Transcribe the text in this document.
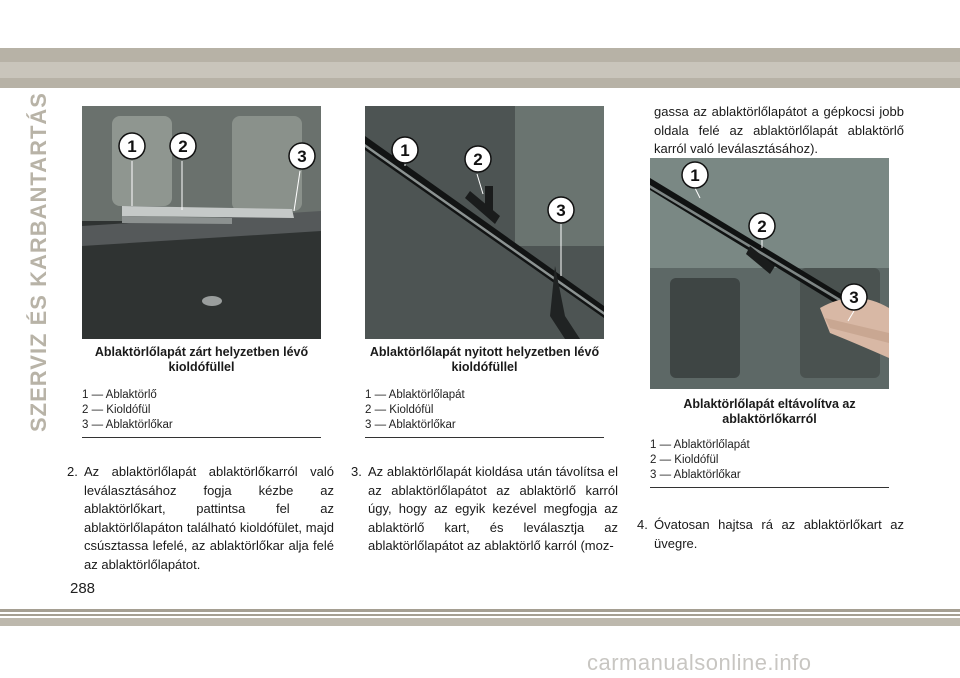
SZERVIZ ÉS KARBANTARTÁS	1 2
3
Ablaktörlőlapát zárt helyzetben lévő kioldófüllel
1 — Ablaktörlő
2 — Kioldófül
3 — Ablaktörlőkar
1	2
3
Ablaktörlőlapát nyitott helyzetben lévő kioldófüllel
1 — Ablaktörlőlapát
2 — Kioldófül
3 — Ablaktörlőkar
1
2
3
Ablaktörlőlapát eltávolítva az ablaktörlőkarról
1 — Ablaktörlőlapát
2 — Kioldófül
3 — Ablaktörlőkar
2. Az ablaktörlőlapát ablaktörlőkarról való leválasztásához fogja kézbe az ablaktörlőkart, pattintsa fel az ablaktörlőlapáton található kioldófület, majd csúsztassa lefelé, az ablaktörlőkar alja felé az ablaktörlőlapátot.
3. Az ablaktörlőlapát kioldása után távolítsa el az ablaktörlőlapátot az ablaktörlő karról úgy, hogy az egyik kezével megfogja az ablaktörlő kart, és leválasztja az ablaktörlőlapátot az ablaktörlő karról (moz-
gassa az ablaktörlőlapátot a gépkocsi jobb oldala felé az ablaktörlőlapát ablaktörlő karról való leválasztásához).
4. Óvatosan hajtsa rá az ablaktörlőkart az üvegre.
288
carmanualsonline.info
